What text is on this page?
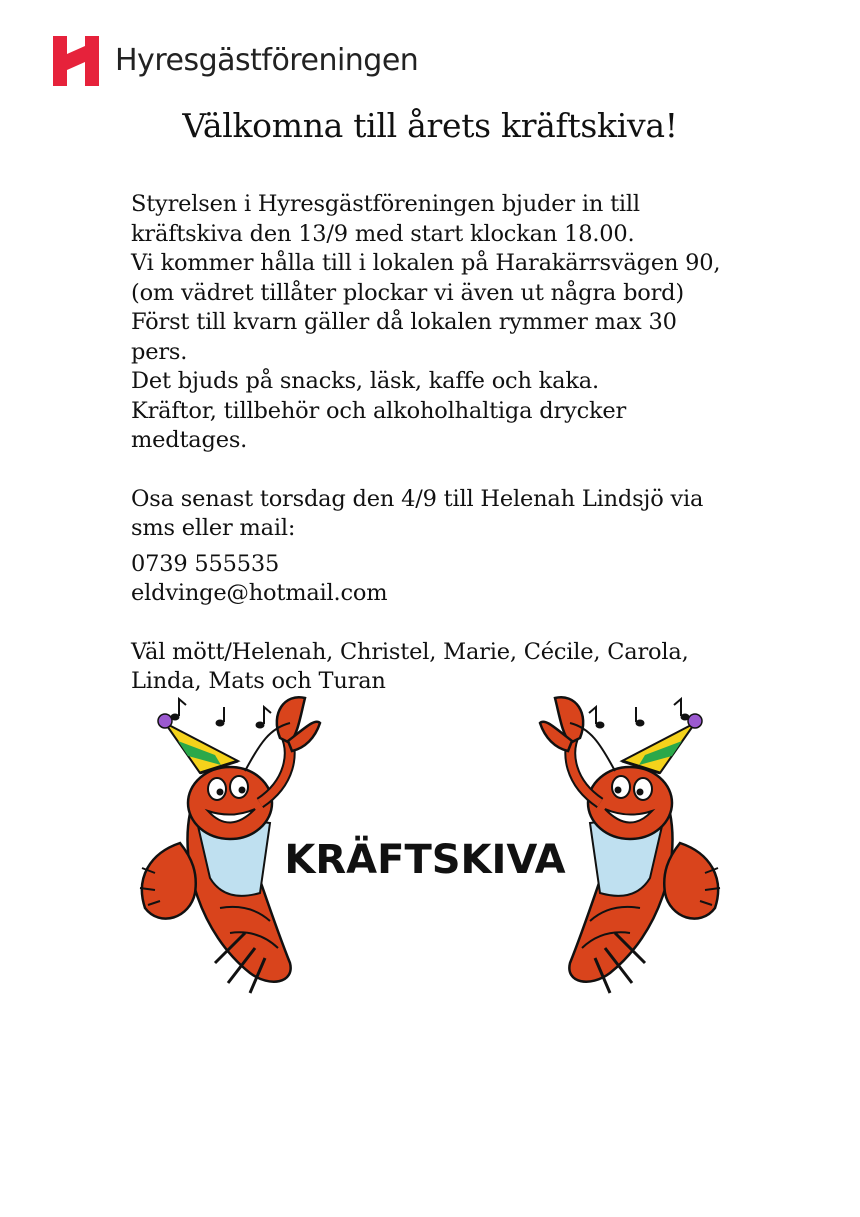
Hyresgästföreningen
Välkomna till årets kräftskiva!
Styrelsen i Hyresgästföreningen bjuder in till
kräftskiva den 13/9 med start klockan 18.00.
Vi kommer hålla till i lokalen på Harakärrsvägen 90,
(om vädret tillåter plockar vi även ut några bord)
Först till kvarn gäller då lokalen rymmer max 30
pers.
Det bjuds på snacks, läsk, kaffe och kaka.
Kräftor, tillbehör och alkoholhaltiga drycker
medtages.
Osa senast torsdag den 4/9 till Helenah Lindsjö via
sms eller mail:
0739 555535
eldvinge@hotmail.com
Väl mött/Helenah, Christel, Marie, Cécile, Carola,
Linda, Mats och Turan
KRÄFTSKIVA
